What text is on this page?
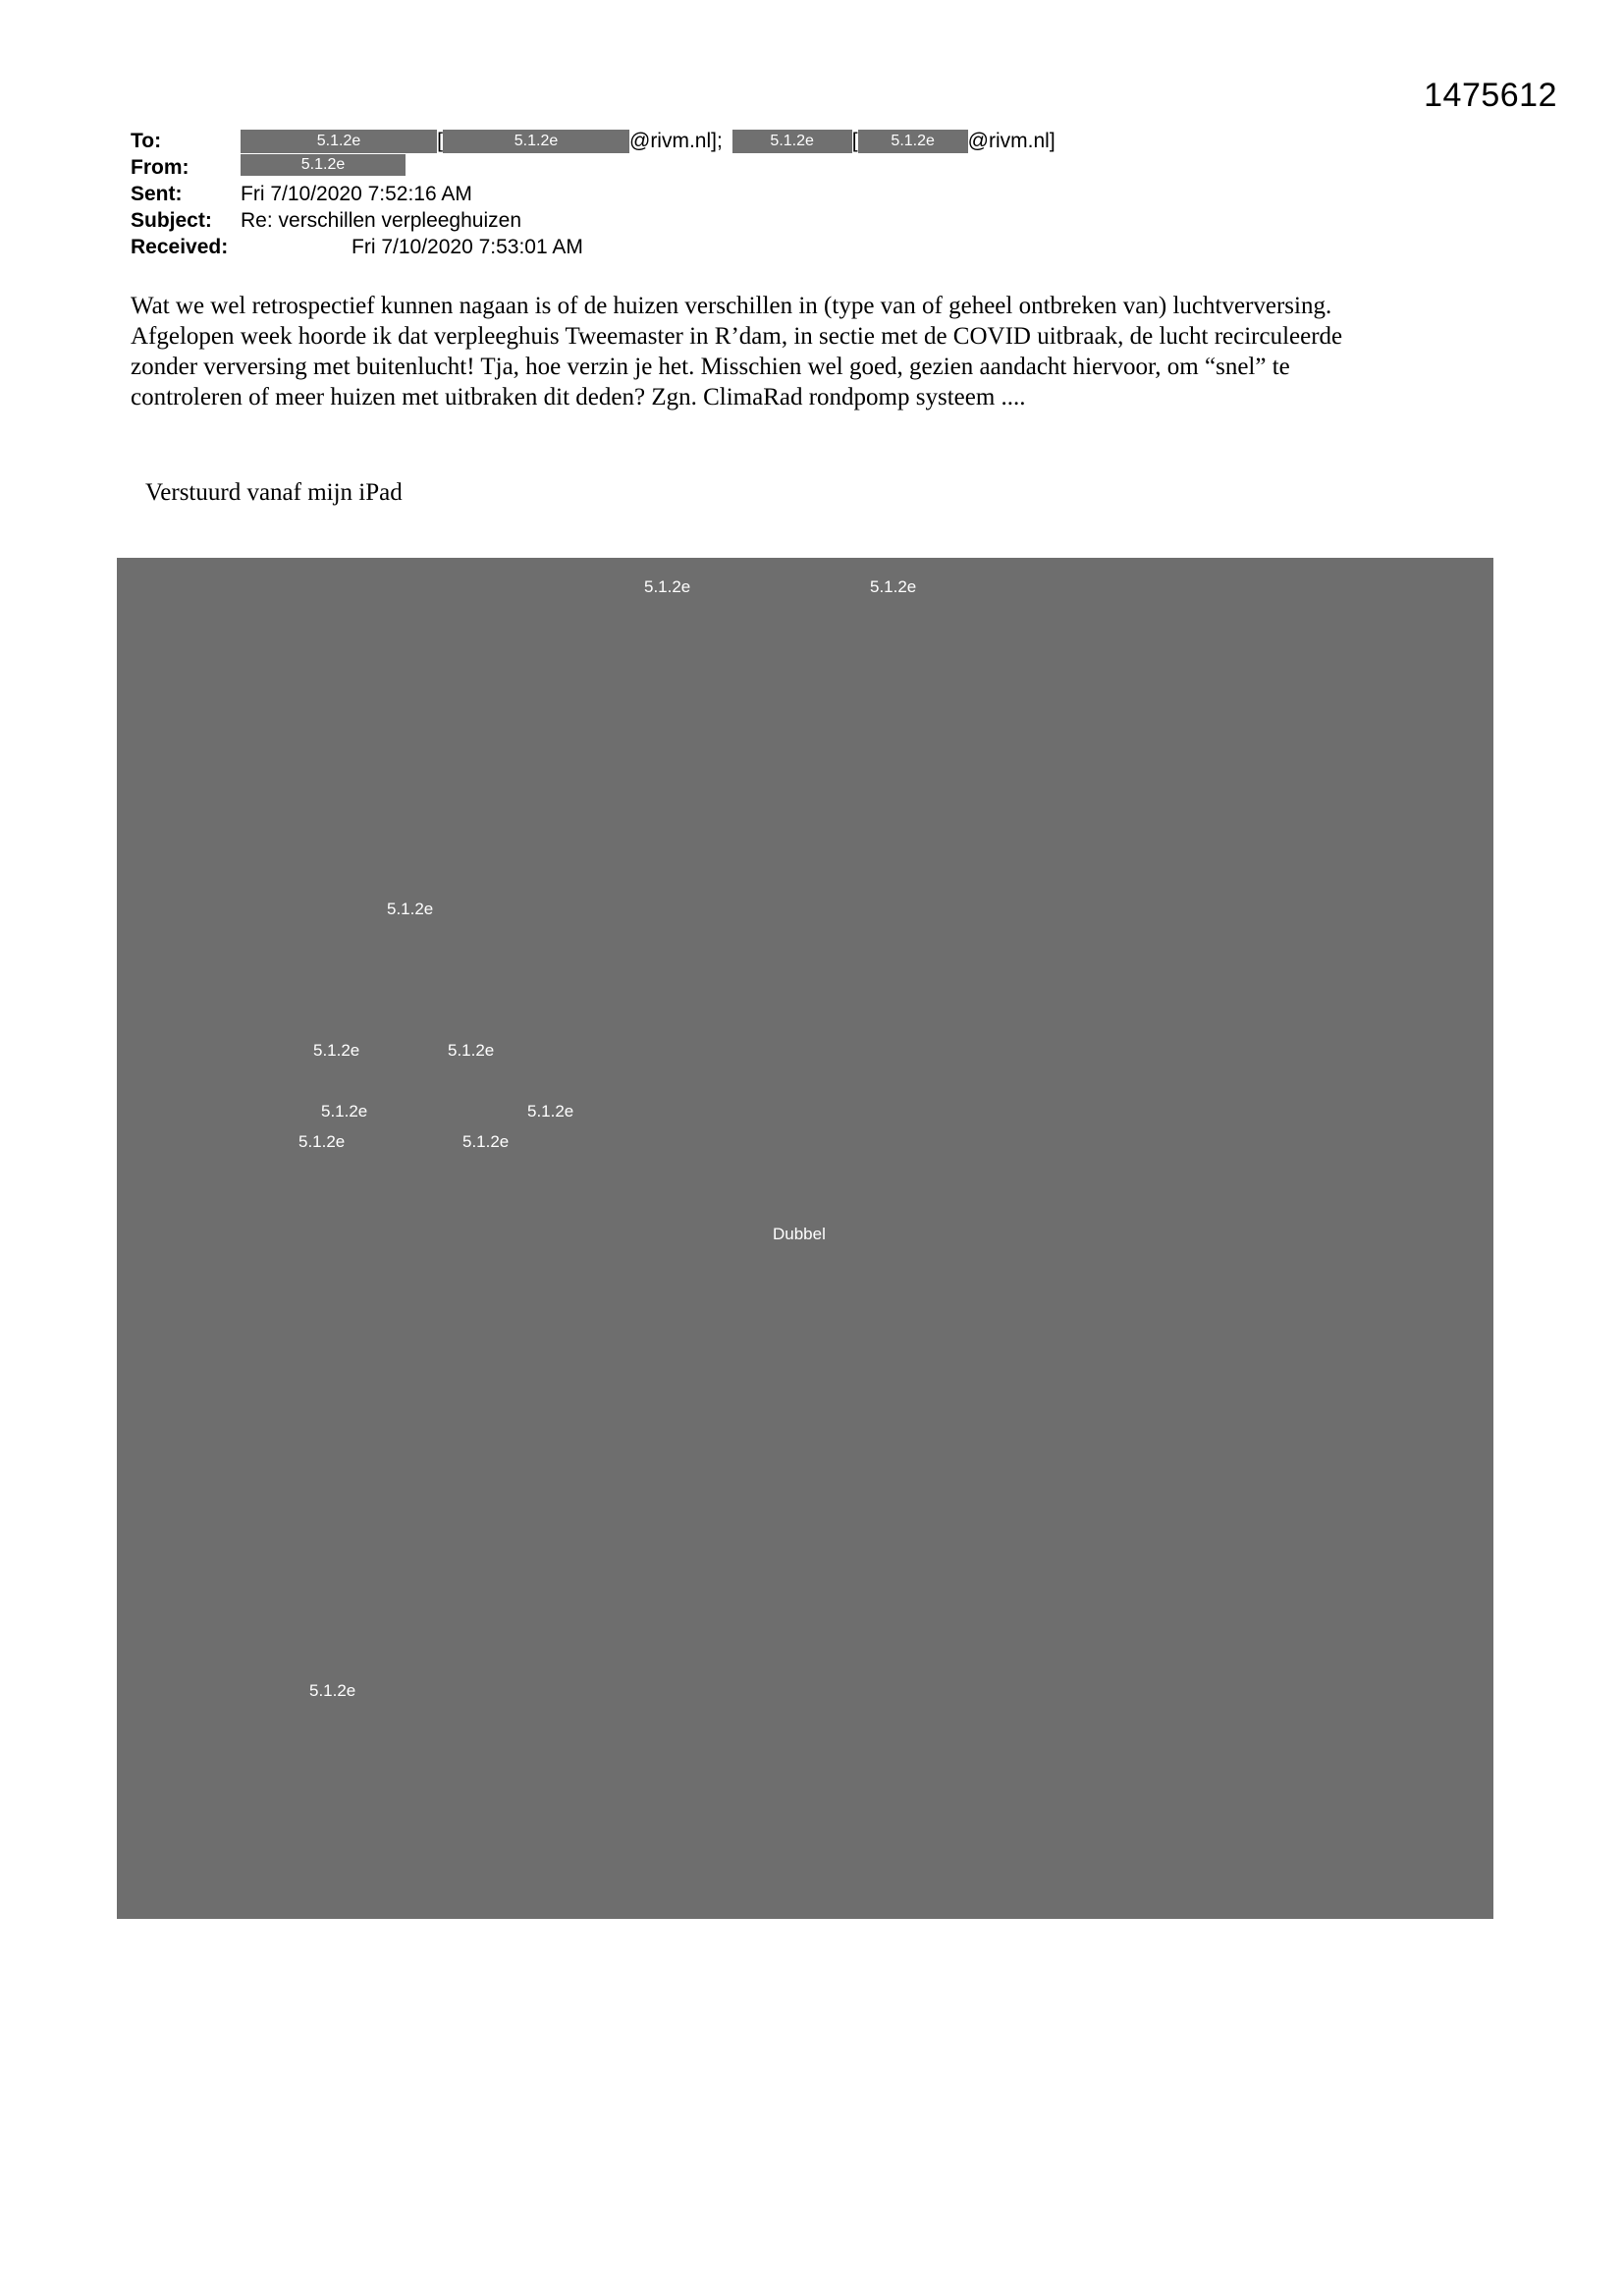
1475612
To:	5.1.2e	[	5.1.2e	@rivm.nl];	5.1.2e [ 5.1.2e @rivm.nl]
From:	5.1.2e
Sent:	Fri 7/10/2020 7:52:16 AM
Subject: Re: verschillen verpleeghuizen
Received:	Fri 7/10/2020 7:53:01 AM

Wat we wel retrospectief kunnen nagaan is of de huizen verschillen in (type van of geheel ontbreken van) luchtverversing.

Afgelopen week hoorde ik dat verpleeghuis Tweemaster in R’dam, in sectie met de COVID uitbraak, de lucht recirculeerde

zonder verversing met buitenlucht! Tja, hoe verzin je het. Misschien wel goed, gezien aandacht hiervoor, om “snel” te

controleren of meer huizen met uitbraken dit deden? Zgn. ClimaRad rondpomp systeem ....

Verstuurd vanaf mijn iPad
5.1.2e	5.1.2e
5.1.2e
5.1.2e	5.1.2e
5.1.2e	5.1.2e
5.1.2e	5.1.2e
Dubbel
5.1.2e
